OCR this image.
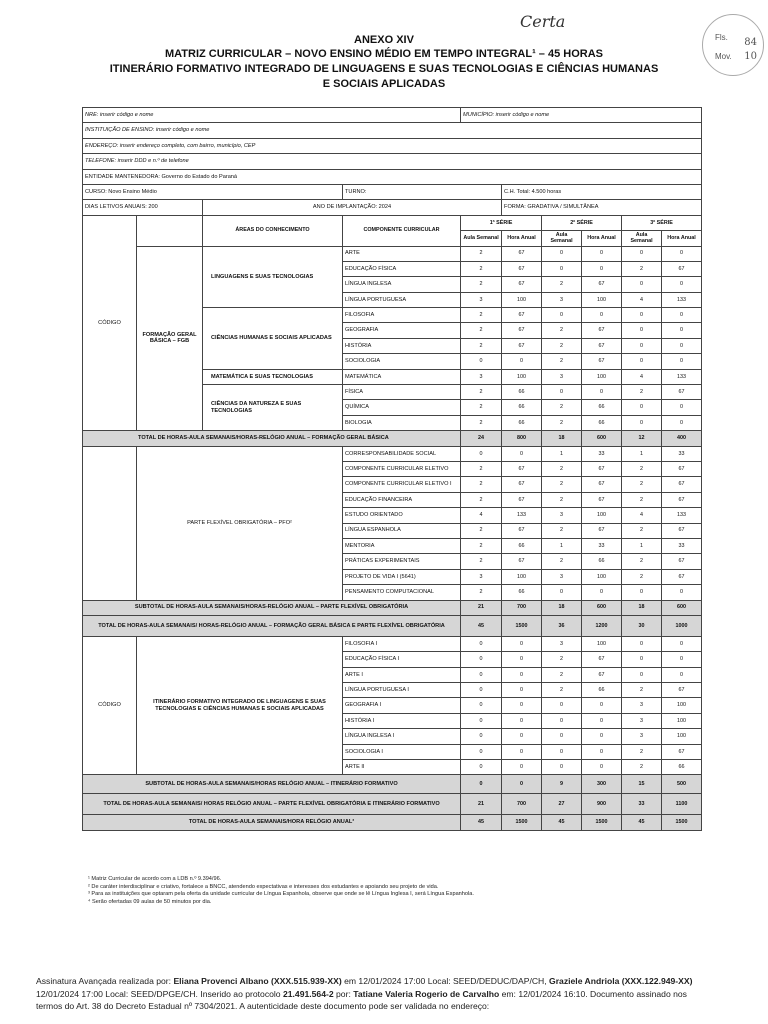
Certa
Fls. 84
Mov. 10
ANEXO XIV
MATRIZ CURRICULAR – NOVO ENSINO MÉDIO EM TEMPO INTEGRAL¹ – 45 HORAS
ITINERÁRIO FORMATIVO INTEGRADO DE LINGUAGENS E SUAS TECNOLOGIAS E CIÊNCIAS HUMANAS
E SOCIAIS APLICADAS
NRE: inserir código e nome				MUNICÍPIO: inserir código e nome					
INSTITUIÇÃO DE ENSINO: inserir código e nome									
ENDEREÇO: inserir endereço completo, com bairro, município, CEP									
TELEFONE: inserir DDD e n.º de telefone									
ENTIDADE MANTENEDORA: Governo do Estado do Paraná									
CURSO: Novo Ensino Médio			TURNO:		C.H. Total: 4.500 horas				
DIAS LETIVOS ANUAIS: 200		ANO DE IMPLANTAÇÃO: 2024			FORMA: GRADATIVA / SIMULTÂNEA				
CÓDIGO		ÁREAS DO CONHECIMENTO	COMPONENTE CURRICULAR	1ª SÉRIE		2ª SÉRIE		3ª SÉRIE	
				Aula Semanal	Hora Anual	Aula Semanal	Hora Anual	Aula Semanal	Hora Anual
	FORMAÇÃO GERAL BÁSICA – FGB	LINGUAGENS E SUAS TECNOLOGIAS	ARTE	2	67	0	0	0	0
			EDUCAÇÃO FÍSICA	2	67	0	0	2	67
			LÍNGUA INGLESA	2	67	2	67	0	0
			LÍNGUA PORTUGUESA	3	100	3	100	4	133
		CIÊNCIAS HUMANAS E SOCIAIS APLICADAS	FILOSOFIA	2	67	0	0	0	0
			GEOGRAFIA	2	67	2	67	0	0
			HISTÓRIA	2	67	2	67	0	0
			SOCIOLOGIA	0	0	2	67	0	0
		MATEMÁTICA E SUAS TECNOLOGIAS	MATEMÁTICA	3	100	3	100	4	133
		CIÊNCIAS DA NATUREZA E SUAS TECNOLOGIAS	FÍSICA	2	66	0	0	2	67
			QUÍMICA	2	66	2	66	0	0
			BIOLOGIA	2	66	2	66	0	0
TOTAL DE HORAS-AULA SEMANAIS/HORAS-RELÓGIO ANUAL – FORMAÇÃO GERAL BÁSICA				24	800	18	600	12	400
	PARTE FLEXÍVEL OBRIGATÓRIA – PFO²		CORRESPONSABILIDADE SOCIAL	0	0	1	33	1	33
			COMPONENTE CURRICULAR ELETIVO	2	67	2	67	2	67
			COMPONENTE CURRICULAR ELETIVO I	2	67	2	67	2	67
			EDUCAÇÃO FINANCEIRA	2	67	2	67	2	67
			ESTUDO ORIENTADO	4	133	3	100	4	133
			LÍNGUA ESPANHOLA	2	67	2	67	2	67
			MENTORIA	2	66	1	33	1	33
			PRÁTICAS EXPERIMENTAIS	2	67	2	66	2	67
			PROJETO DE VIDA I (5641)	3	100	3	100	2	67
			PENSAMENTO COMPUTACIONAL	2	66	0	0	0	0
SUBTOTAL DE HORAS-AULA SEMANAIS/HORAS-RELÓGIO ANUAL – PARTE FLEXÍVEL OBRIGATÓRIA				21	700	18	600	18	600
TOTAL DE HORAS-AULA SEMANAIS/ HORAS-RELÓGIO ANUAL – FORMAÇÃO GERAL BÁSICA E PARTE FLEXÍVEL OBRIGATÓRIA				45	1500	36	1200	30	1000
CÓDIGO	ITINERÁRIO FORMATIVO INTEGRADO DE LINGUAGENS E SUAS TECNOLOGIAS E CIÊNCIAS HUMANAS E SOCIAIS APLICADAS		FILOSOFIA I	0	0	3	100	0	0
			EDUCAÇÃO FÍSICA I	0	0	2	67	0	0
			ARTE I	0	0	2	67	0	0
			LÍNGUA PORTUGUESA I	0	0	2	66	2	67
			GEOGRAFIA I	0	0	0	0	3	100
			HISTÓRIA I	0	0	0	0	3	100
			LÍNGUA INGLESA I	0	0	0	0	3	100
			SOCIOLOGIA I	0	0	0	0	2	67
			ARTE II	0	0	0	0	2	66
SUBTOTAL DE HORAS-AULA SEMANAIS/HORAS RELÓGIO ANUAL – ITINERÁRIO FORMATIVO				0	0	9	300	15	500
TOTAL DE HORAS-AULA SEMANAIS/ HORAS RELÓGIO ANUAL – PARTE FLEXÍVEL OBRIGATÓRIA E ITINERÁRIO FORMATIVO				21	700	27	900	33	1100
TOTAL DE HORAS-AULA SEMANAIS/HORA RELÓGIO ANUAL³				45	1500	45	1500	45	1500
¹ Matriz Curricular de acordo com a LDB n.º 9.394/96.
² De caráter interdisciplinar e criativo, fortalece a BNCC, atendendo expectativas e interesses dos estudantes e apoiando seu projeto de vida.
³ Para as instituições que optaram pela oferta da unidade curricular de Língua Espanhola, observe que onde se lê Língua Inglesa I, será Língua Espanhola.
⁴ Serão ofertadas 09 aulas de 50 minutos por dia.
Assinatura Avançada realizada por: Eliana Provenci Albano (XXX.515.939-XX) em 12/01/2024 17:00 Local: SEED/DEDUC/DAP/CH, Graziele Andriola (XXX.122.949-XX)
12/01/2024 17:00 Local: SEED/DPGE/CH. Inserido ao protocolo 21.491.564-2 por: Tatiane Valeria Rogerio de Carvalho em: 12/01/2024 16:10. Documento assinado nos
termos do Art. 38 do Decreto Estadual nº 7304/2021. A autenticidade deste documento pode ser validada no endereço:
